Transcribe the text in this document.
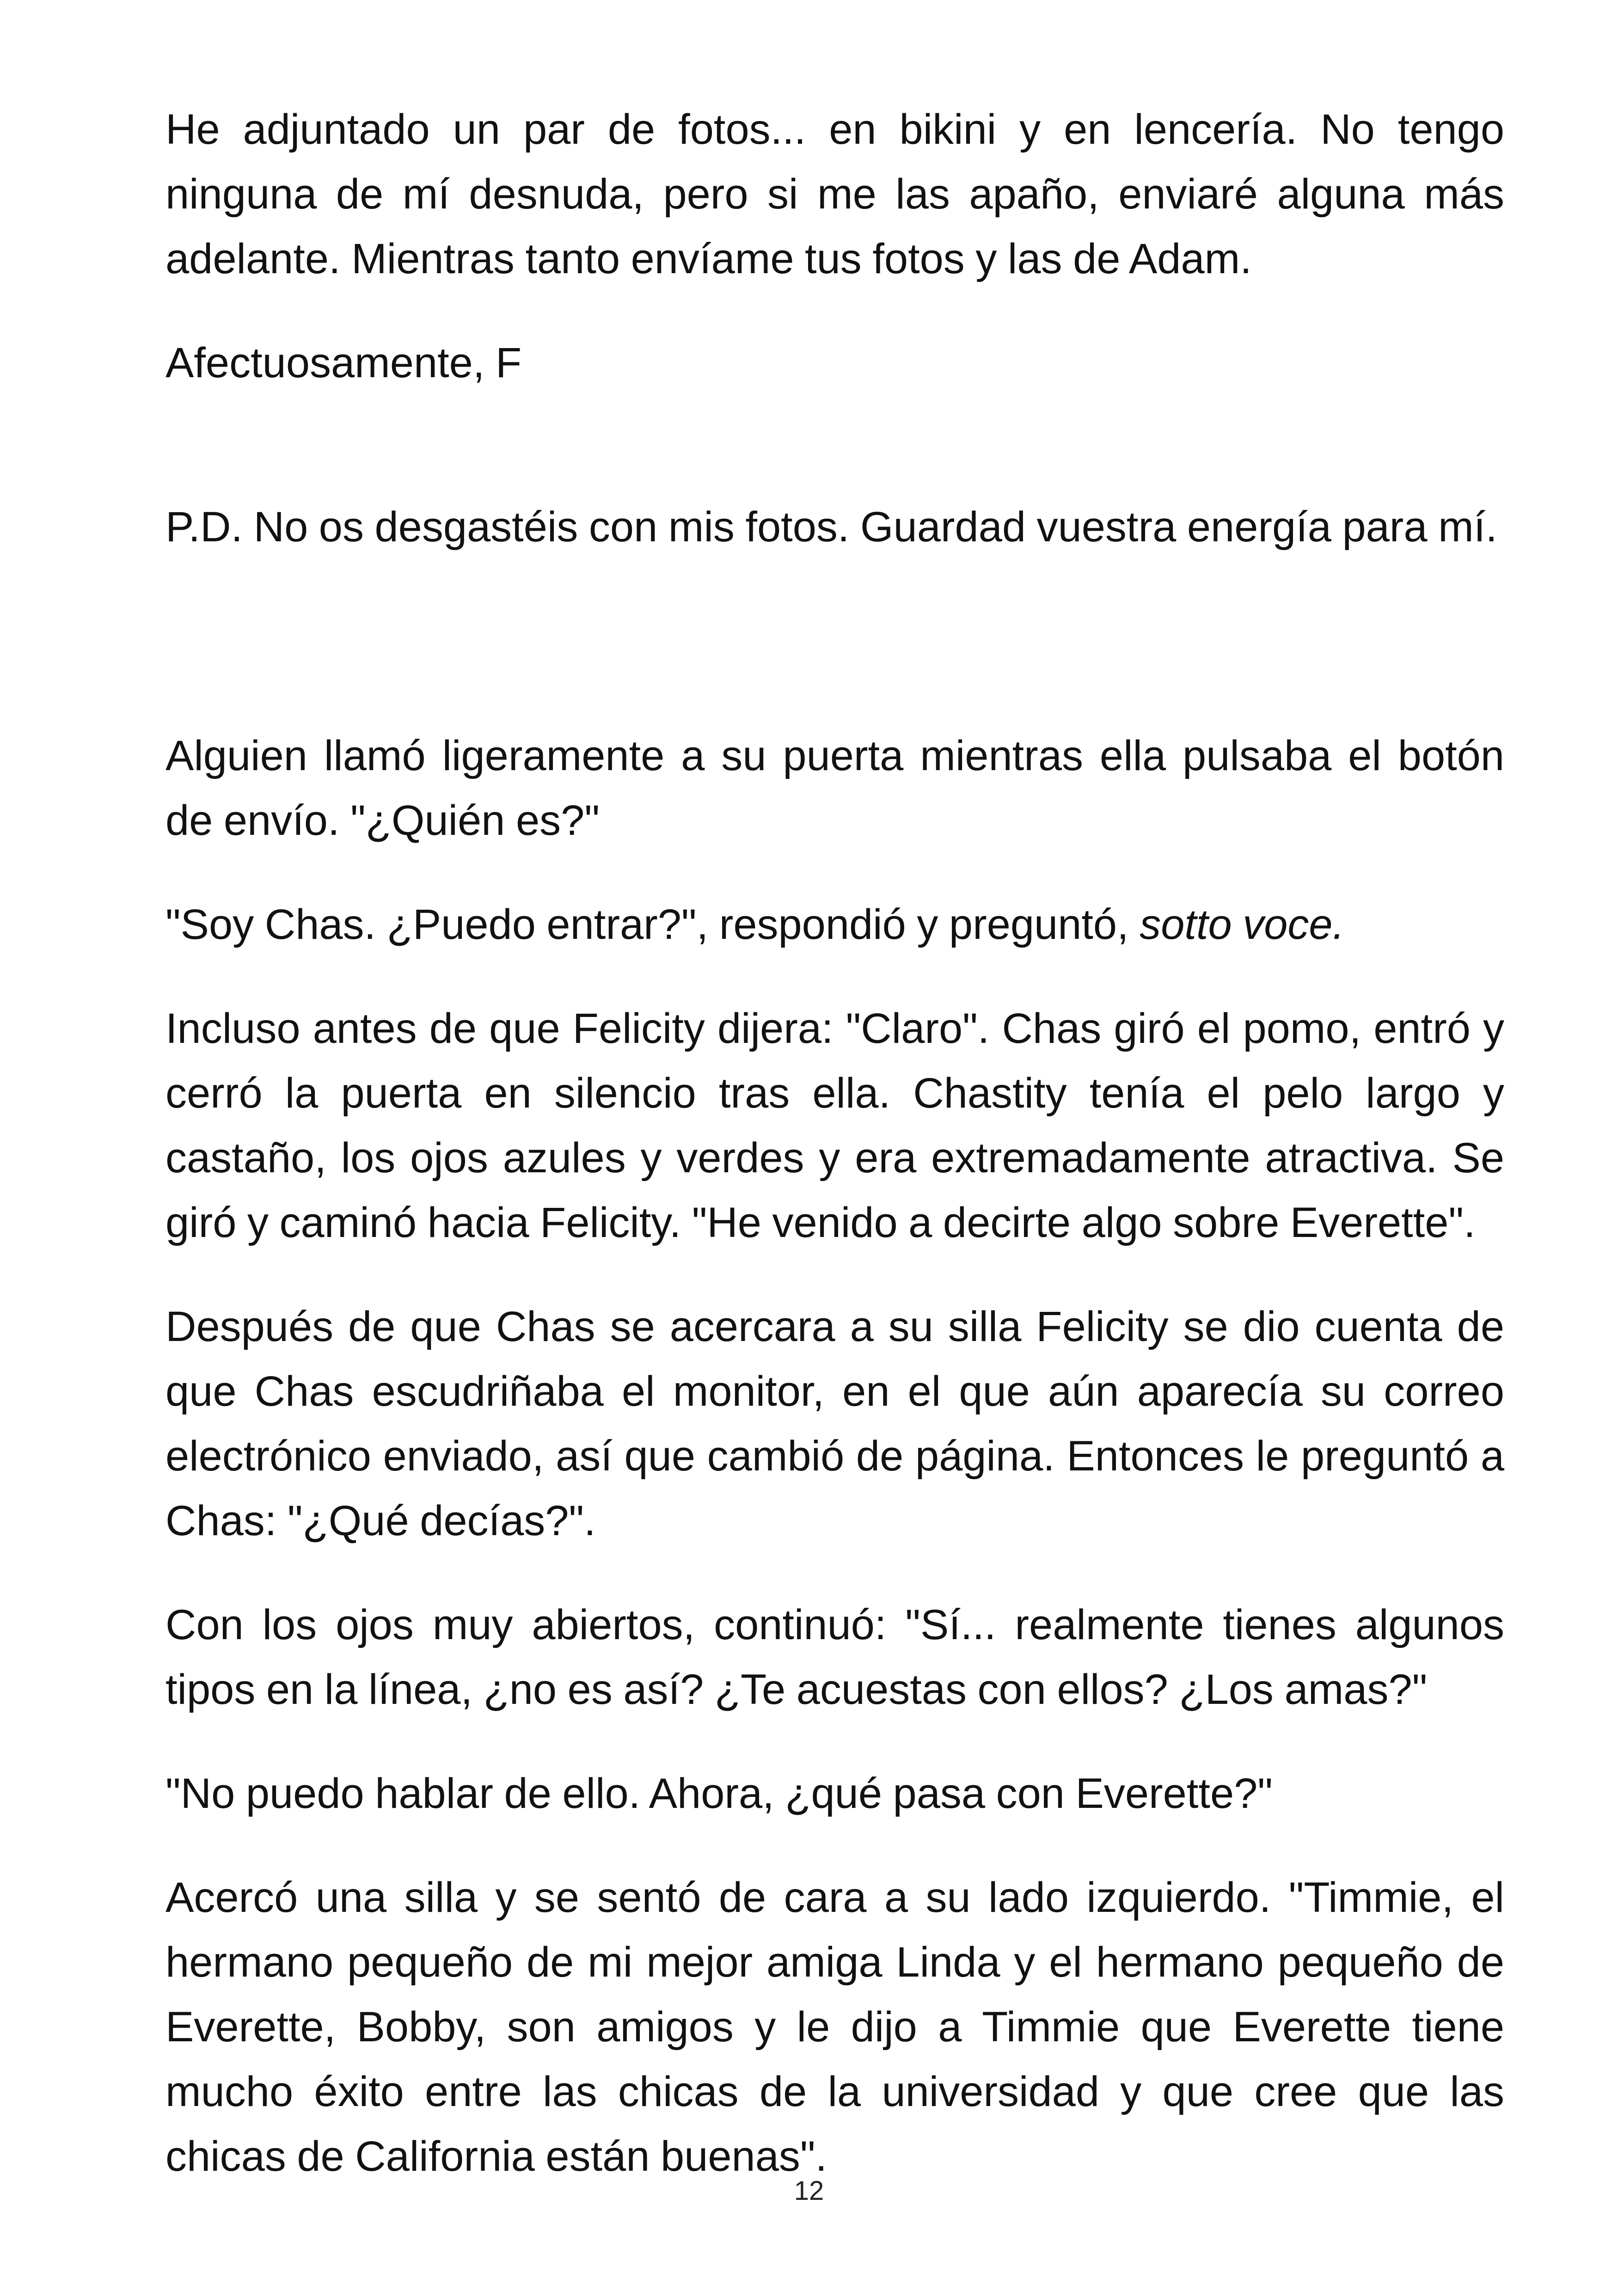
He adjuntado un par de fotos... en bikini y en lencería. No tengo ninguna de mí desnuda, pero si me las apaño, enviaré alguna más adelante. Mientras tanto envíame tus fotos y las de Adam.

Afectuosamente, F

P.D. No os desgastéis con mis fotos. Guardad vuestra energía para mí.

Alguien llamó ligeramente a su puerta mientras ella pulsaba el botón de envío. "¿Quién es?"

"Soy Chas. ¿Puedo entrar?", respondió y preguntó, sotto voce.

Incluso antes de que Felicity dijera: "Claro". Chas giró el pomo, entró y cerró la puerta en silencio tras ella. Chastity tenía el pelo largo y castaño, los ojos azules y verdes y era extremadamente atractiva. Se giró y caminó hacia Felicity. "He venido a decirte algo sobre Everette".

Después de que Chas se acercara a su silla Felicity se dio cuenta de que Chas escudriñaba el monitor, en el que aún aparecía su correo electrónico enviado, así que cambió de página. Entonces le preguntó a Chas: "¿Qué decías?".

Con los ojos muy abiertos, continuó: "Sí... realmente tienes algunos tipos en la línea, ¿no es así? ¿Te acuestas con ellos? ¿Los amas?"

"No puedo hablar de ello. Ahora, ¿qué pasa con Everette?"

Acercó una silla y se sentó de cara a su lado izquierdo. "Timmie, el hermano pequeño de mi mejor amiga Linda y el hermano pequeño de Everette, Bobby, son amigos y le dijo a Timmie que Everette tiene mucho éxito entre las chicas de la universidad y que cree que las chicas de California están buenas".

12
